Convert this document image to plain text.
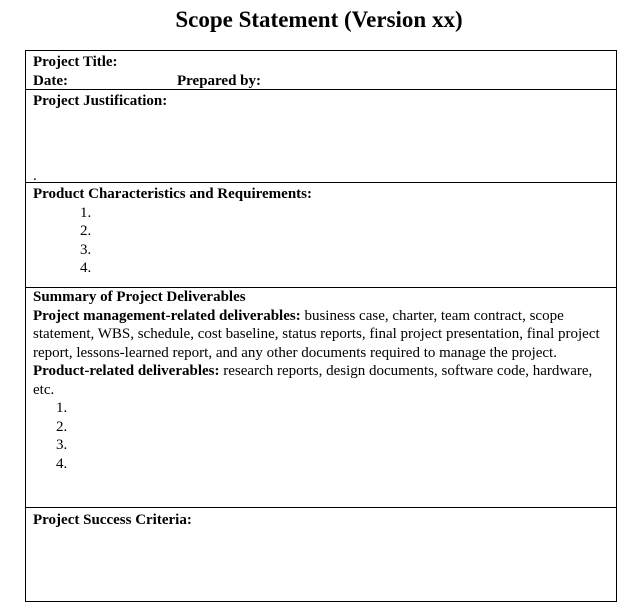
Scope Statement (Version xx)
Project Title:
Date:	Prepared by:
Project Justification:
.
Product Characteristics and Requirements:
1.
2.
3.
4.
Summary of Project Deliverables

Project management-related deliverables: business case, charter, team contract, scope statement, WBS, schedule, cost baseline, status reports, final project presentation, final project report, lessons-learned report, and any other documents required to manage the project.

Product-related deliverables: research reports, design documents, software code, hardware, etc.

1.
2.
3.
4.
Project Success Criteria:
